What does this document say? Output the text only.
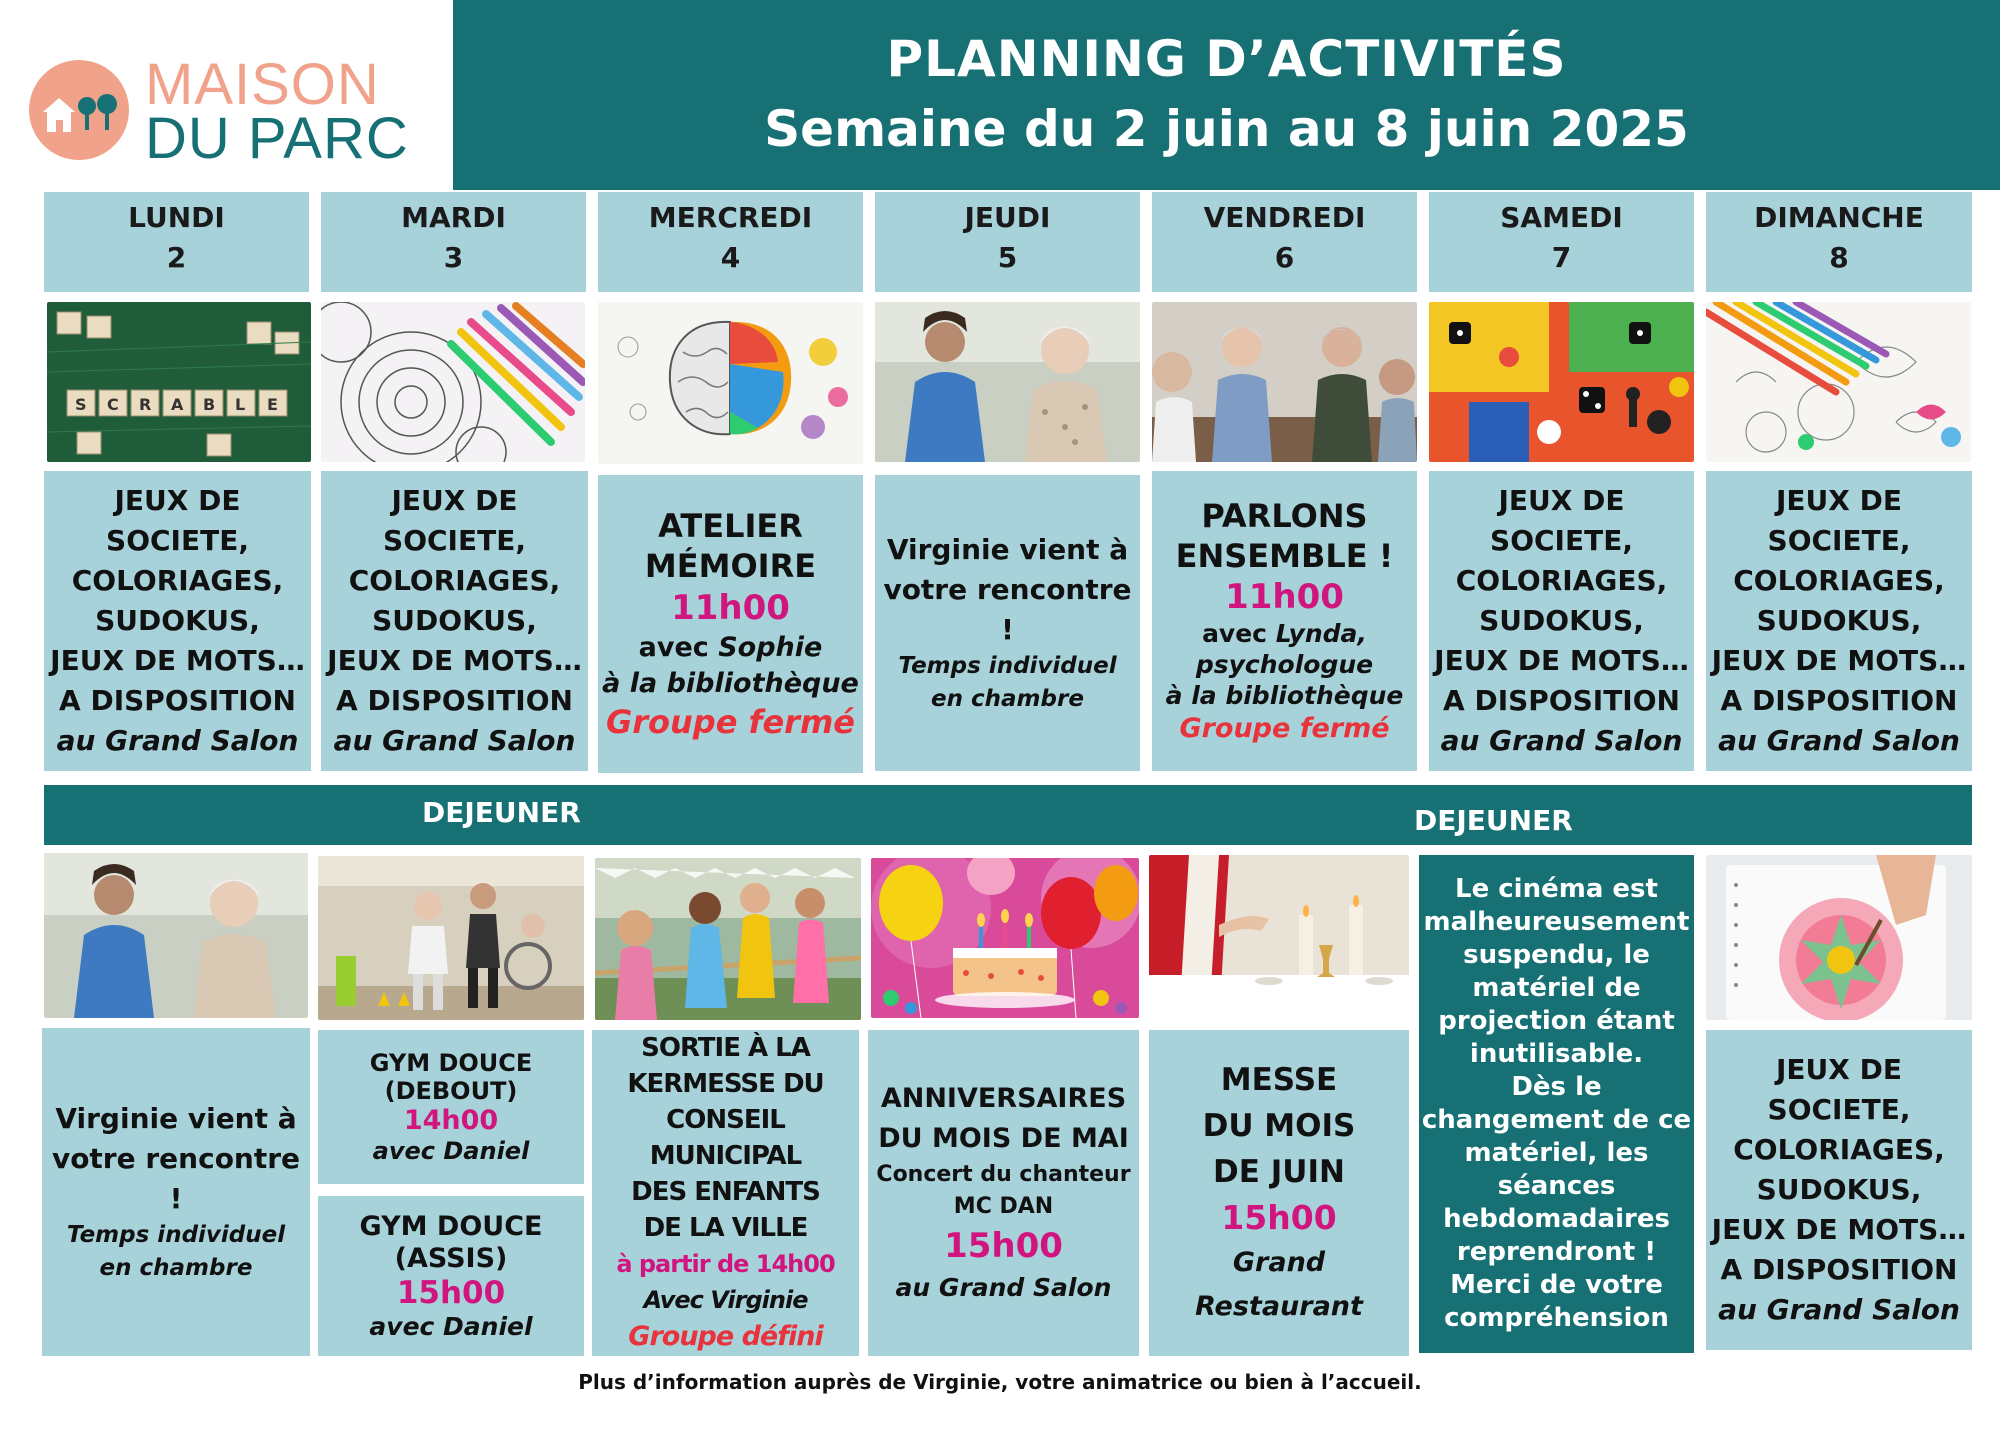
MAISON
DU PARC
PLANNING D’ACTIVITÉS
Semaine du 2 juin au 8 juin 2025
LUNDI
2
MARDI
3
MERCREDI
4
JEUDI
5
VENDREDI
6
SAMEDI
7
DIMANCHE
8
S C R A B L E
JEUX DE SOCIETE,
COLORIAGES,
SUDOKUS,
JEUX DE MOTS…
A DISPOSITION
au Grand Salon
JEUX DE SOCIETE,
COLORIAGES,
SUDOKUS,
JEUX DE MOTS…
A DISPOSITION
au Grand Salon
ATELIER
MÉMOIRE
11h00
avec Sophie
à la bibliothèque
Groupe fermé
Virginie vient à
votre rencontre !
Temps individuel
en chambre
PARLONS
ENSEMBLE !
11h00
avec Lynda,
psychologue
à la bibliothèque
Groupe fermé
JEUX DE SOCIETE,
COLORIAGES,
SUDOKUS,
JEUX DE MOTS…
A DISPOSITION
au Grand Salon
JEUX DE SOCIETE,
COLORIAGES,
SUDOKUS,
JEUX DE MOTS…
A DISPOSITION
au Grand Salon
DEJEUNER	DEJEUNER
Virginie vient à
votre rencontre !
Temps individuel
en chambre
GYM DOUCE
(DEBOUT)
14h00
avec Daniel
GYM DOUCE
(ASSIS)
15h00
avec Daniel
SORTIE À LA
KERMESSE DU
CONSEIL MUNICIPAL
DES ENFANTS
DE LA VILLE
à partir de 14h00
Avec Virginie
Groupe défini
ANNIVERSAIRES
DU MOIS DE MAI
Concert du chanteur
MC DAN
15h00
au Grand Salon
MESSE
DU MOIS
DE JUIN
15h00
Grand Restaurant
Le cinéma est
malheureusement
suspendu, le
matériel de
projection étant
inutilisable.
Dès le
changement de ce
matériel, les
séances
hebdomadaires
reprendront !
Merci de votre
compréhension
JEUX DE SOCIETE,
COLORIAGES,
SUDOKUS,
JEUX DE MOTS…
A DISPOSITION
au Grand Salon
Plus d’information auprès de Virginie, votre animatrice ou bien à l’accueil.
